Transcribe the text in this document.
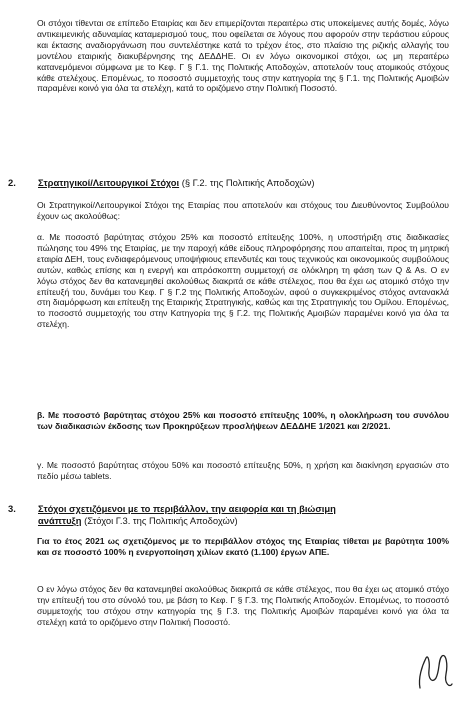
Οι στόχοι τίθενται σε επίπεδο Εταιρίας και δεν επιμερίζονται περαιτέρω στις υποκείμενες αυτής δομές, λόγω αντικειμενικής αδυναμίας καταμερισμού τους, που οφείλεται σε λόγους που αφορούν στην τεράστιου εύρους και έκτασης αναδιοργάνωση που συντελέστηκε κατά το τρέχον έτος, στο πλαίσιο της ριζικής αλλαγής του μοντέλου εταιρικής διακυβέρνησης της ΔΕΔΔΗΕ. Οι εν λόγω οικονομικοί στόχοι, ως μη περαιτέρω κατανεμόμενοι σύμφωνα με το Κεφ. Γ § Γ.1. της Πολιτικής Αποδοχών, αποτελούν τους ατομικούς στόχους κάθε στελέχους. Επομένως, το ποσοστό συμμετοχής τους στην κατηγορία της § Γ.1. της Πολιτικής Αμοιβών παραμένει κοινό για όλα τα στελέχη, κατά το οριζόμενο στην Πολιτική Ποσοστό.

2. Στρατηγικοί/Λειτουργικοί Στόχοι (§ Γ.2. της Πολιτικής Αποδοχών)

Οι Στρατηγικοί/Λειτουργικοί Στόχοι της Εταιρίας που αποτελούν και στόχους του Διευθύνοντος Συμβούλου έχουν ως ακολούθως:

α. Με ποσοστό βαρύτητας στόχου 25% και ποσοστό επίτευξης 100%, η υποστήριξη στις διαδικασίες πώλησης του 49% της Εταιρίας, με την παροχή κάθε είδους πληροφόρησης που απαιτείται, προς τη μητρική εταιρία ΔΕΗ, τους ενδιαφερόμενους υποψήφιους επενδυτές και τους τεχνικούς και οικονομικούς συμβούλους αυτών, καθώς επίσης και η ενεργή και απρόσκοπτη συμμετοχή σε ολόκληρη τη φάση των Q & As. Ο εν λόγω στόχος δεν θα κατανεμηθεί ακολούθως διακριτά σε κάθε στέλεχος, που θα έχει ως ατομικό στόχο την επίτευξή του, δυνάμει του Κεφ. Γ § Γ.2 της Πολιτικής Αποδοχών, αφού ο συγκεκριμένος στόχος αντανακλά στη διαμόρφωση και επίτευξη της Εταιρικής Στρατηγικής, καθώς και της Στρατηγικής του Ομίλου. Επομένως, το ποσοστό συμμετοχής του στην Κατηγορία της § Γ.2. της Πολιτικής Αμοιβών παραμένει κοινό για όλα τα στελέχη.

β. Με ποσοστό βαρύτητας στόχου 25% και ποσοστό επίτευξης 100%, η ολοκλήρωση του συνόλου των διαδικασιών έκδοσης των Προκηρύξεων προσλήψεων ΔΕΔΔΗΕ 1/2021 και 2/2021.

γ. Με ποσοστό βαρύτητας στόχου 50% και ποσοστό επίτευξης 50%, η χρήση και διακίνηση εργασιών στο πεδίο μέσω tablets.

3. Στόχοι σχετιζόμενοι με το περιβάλλον, την αειφορία και τη βιώσιμη
ανάπτυξη (Στόχοι Γ.3. της Πολιτικής Αποδοχών)

Για το έτος 2021 ως σχετιζόμενος με το περιβάλλον στόχος της Εταιρίας τίθεται με βαρύτητα 100% και σε ποσοστό 100% η ενεργοποίηση χιλίων εκατό (1.100) έργων ΑΠΕ.

Ο εν λόγω στόχος δεν θα κατανεμηθεί ακολούθως διακριτά σε κάθε στέλεχος, που θα έχει ως ατομικό στόχο την επίτευξή του στο σύνολό του, με βάση το Κεφ. Γ § Γ.3. της Πολιτικής Αποδοχών. Επομένως, το ποσοστό συμμετοχής του στόχου στην κατηγορία της § Γ.3. της Πολιτικής Αμοιβών παραμένει κοινό για όλα τα στελέχη κατά το οριζόμενο στην Πολιτική Ποσοστό.
